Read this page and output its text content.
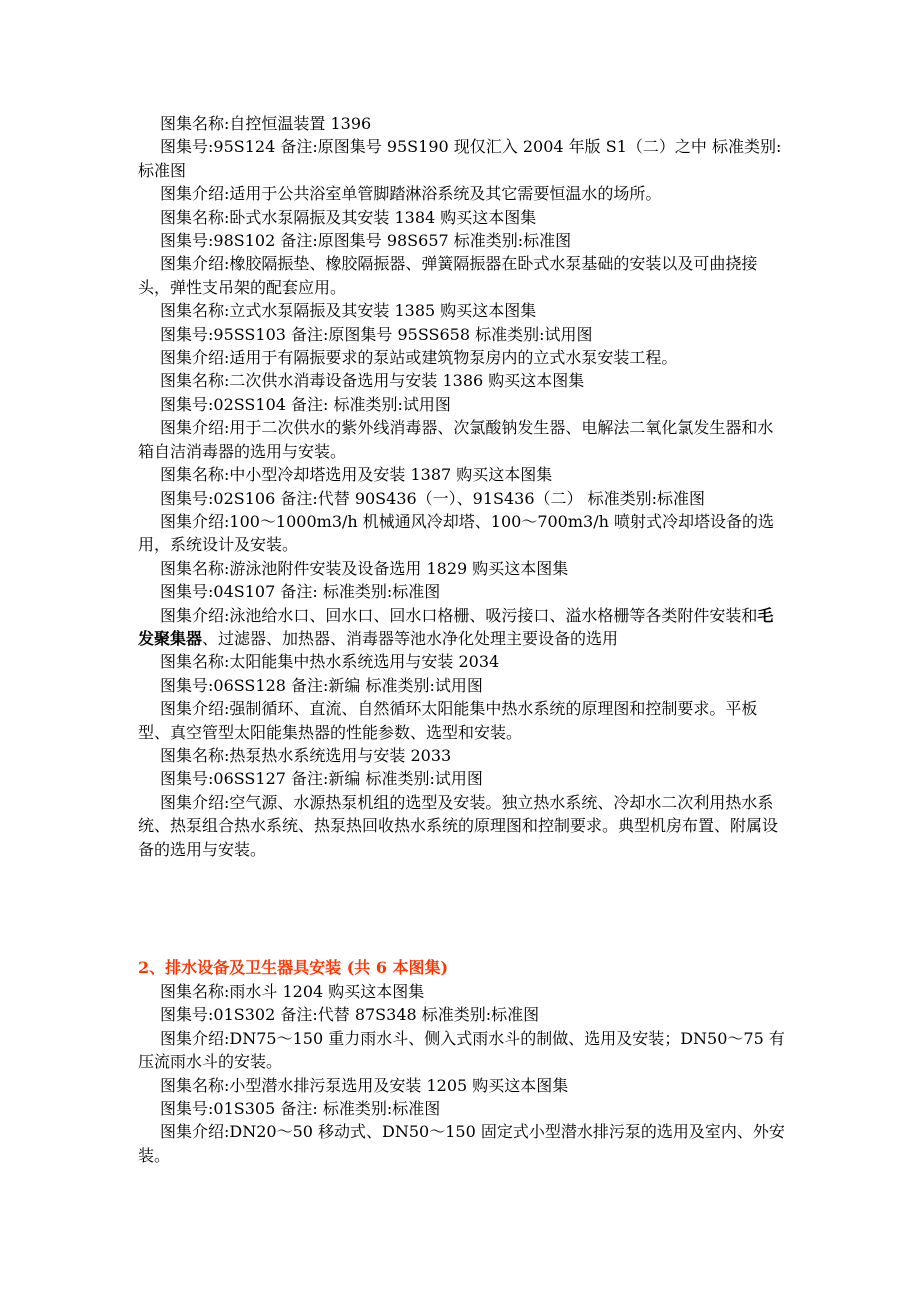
图集名称:自控恒温装置 1396

图集号:95S124 备注:原图集号 95S190 现仅汇入 2004 年版 S1（二）之中 标准类别:标准图

图集介绍:适用于公共浴室单管脚踏淋浴系统及其它需要恒温水的场所。

图集名称:卧式水泵隔振及其安装 1384 购买这本图集

图集号:98S102 备注:原图集号 98S657 标准类别:标准图

图集介绍:橡胶隔振垫、橡胶隔振器、弹簧隔振器在卧式水泵基础的安装以及可曲挠接头，弹性支吊架的配套应用。

图集名称:立式水泵隔振及其安装 1385 购买这本图集

图集号:95SS103 备注:原图集号 95SS658 标准类别:试用图

图集介绍:适用于有隔振要求的泵站或建筑物泵房内的立式水泵安装工程。

图集名称:二次供水消毒设备选用与安装 1386 购买这本图集

图集号:02SS104 备注: 标准类别:试用图

图集介绍:用于二次供水的紫外线消毒器、次氯酸钠发生器、电解法二氧化氯发生器和水箱自洁消毒器的选用与安装。

图集名称:中小型冷却塔选用及安装 1387 购买这本图集

图集号:02S106 备注:代替 90S436（一）、91S436（二） 标准类别:标准图

图集介绍:100～1000m3/h 机械通风冷却塔、100～700m3/h 喷射式冷却塔设备的选用，系统设计及安装。

图集名称:游泳池附件安装及设备选用 1829 购买这本图集

图集号:04S107 备注: 标准类别:标准图

图集介绍:泳池给水口、回水口、回水口格栅、吸污接口、溢水格栅等各类附件安装和毛发聚集器、过滤器、加热器、消毒器等池水净化处理主要设备的选用

图集名称:太阳能集中热水系统选用与安装 2034

图集号:06SS128 备注:新编 标准类别:试用图

图集介绍:强制循环、直流、自然循环太阳能集中热水系统的原理图和控制要求。平板型、真空管型太阳能集热器的性能参数、选型和安装。

图集名称:热泵热水系统选用与安装 2033

图集号:06SS127 备注:新编 标准类别:试用图

图集介绍:空气源、水源热泵机组的选型及安装。独立热水系统、冷却水二次利用热水系统、热泵组合热水系统、热泵热回收热水系统的原理图和控制要求。典型机房布置、附属设备的选用与安装。

2、排水设备及卫生器具安装 (共 6 本图集)

图集名称:雨水斗 1204 购买这本图集

图集号:01S302 备注:代替 87S348 标准类别:标准图

图集介绍:DN75～150 重力雨水斗、侧入式雨水斗的制做、选用及安装；DN50～75 有压流雨水斗的安装。

图集名称:小型潜水排污泵选用及安装 1205 购买这本图集

图集号:01S305 备注: 标准类别:标准图

图集介绍:DN20～50 移动式、DN50～150 固定式小型潜水排污泵的选用及室内、外安装。
